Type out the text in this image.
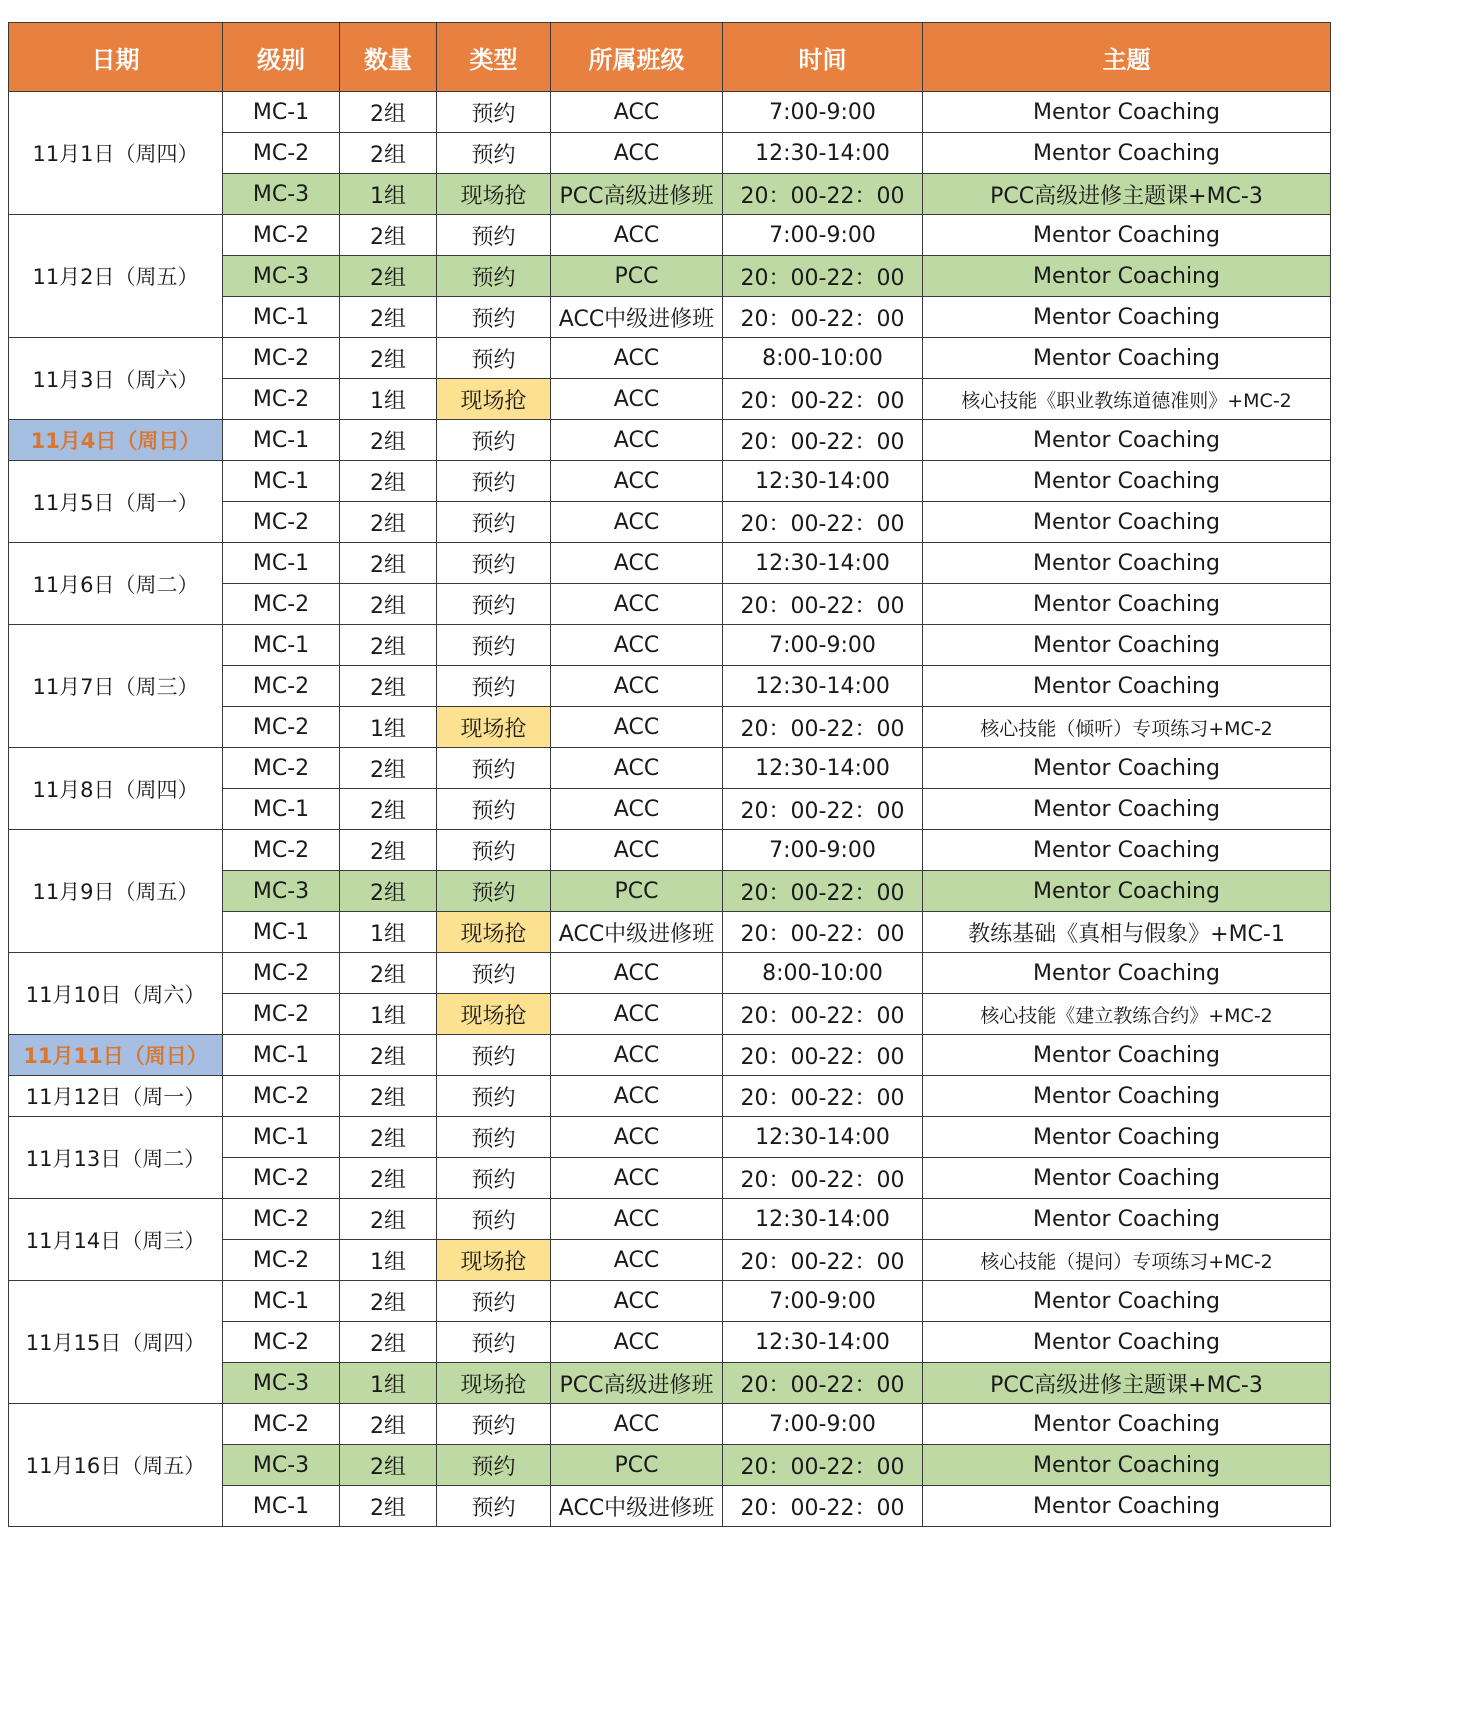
日期	级别	数量	类型	所属班级	时间	主题
11月1日（周四）	MC-1	2组	预约	ACC	7:00-9:00	Mentor Coaching
	MC-2	2组	预约	ACC	12:30-14:00	Mentor Coaching
	MC-3	1组	现场抢	PCC高级进修班	20：00-22：00	PCC高级进修主题课+MC-3
11月2日（周五）	MC-2	2组	预约	ACC	7:00-9:00	Mentor Coaching
	MC-3	2组	预约	PCC	20：00-22：00	Mentor Coaching
	MC-1	2组	预约	ACC中级进修班	20：00-22：00	Mentor Coaching
11月3日（周六）	MC-2	2组	预约	ACC	8:00-10:00	Mentor Coaching
	MC-2	1组	现场抢	ACC	20：00-22：00	核心技能《职业教练道德准则》+MC-2
11月4日（周日）	MC-1	2组	预约	ACC	20：00-22：00	Mentor Coaching
11月5日（周一）	MC-1	2组	预约	ACC	12:30-14:00	Mentor Coaching
	MC-2	2组	预约	ACC	20：00-22：00	Mentor Coaching
11月6日（周二）	MC-1	2组	预约	ACC	12:30-14:00	Mentor Coaching
	MC-2	2组	预约	ACC	20：00-22：00	Mentor Coaching
11月7日（周三）	MC-1	2组	预约	ACC	7:00-9:00	Mentor Coaching
	MC-2	2组	预约	ACC	12:30-14:00	Mentor Coaching
	MC-2	1组	现场抢	ACC	20：00-22：00	核心技能（倾听）专项练习+MC-2
11月8日（周四）	MC-2	2组	预约	ACC	12:30-14:00	Mentor Coaching
	MC-1	2组	预约	ACC	20：00-22：00	Mentor Coaching
11月9日（周五）	MC-2	2组	预约	ACC	7:00-9:00	Mentor Coaching
	MC-3	2组	预约	PCC	20：00-22：00	Mentor Coaching
	MC-1	1组	现场抢	ACC中级进修班	20：00-22：00	教练基础《真相与假象》+MC-1
11月10日（周六）	MC-2	2组	预约	ACC	8:00-10:00	Mentor Coaching
	MC-2	1组	现场抢	ACC	20：00-22：00	核心技能《建立教练合约》+MC-2
11月11日（周日）	MC-1	2组	预约	ACC	20：00-22：00	Mentor Coaching
11月12日（周一）	MC-2	2组	预约	ACC	20：00-22：00	Mentor Coaching
11月13日（周二）	MC-1	2组	预约	ACC	12:30-14:00	Mentor Coaching
	MC-2	2组	预约	ACC	20：00-22：00	Mentor Coaching
11月14日（周三）	MC-2	2组	预约	ACC	12:30-14:00	Mentor Coaching
	MC-2	1组	现场抢	ACC	20：00-22：00	核心技能（提问）专项练习+MC-2
11月15日（周四）	MC-1	2组	预约	ACC	7:00-9:00	Mentor Coaching
	MC-2	2组	预约	ACC	12:30-14:00	Mentor Coaching
	MC-3	1组	现场抢	PCC高级进修班	20：00-22：00	PCC高级进修主题课+MC-3
11月16日（周五）	MC-2	2组	预约	ACC	7:00-9:00	Mentor Coaching
	MC-3	2组	预约	PCC	20：00-22：00	Mentor Coaching
	MC-1	2组	预约	ACC中级进修班	20：00-22：00	Mentor Coaching
